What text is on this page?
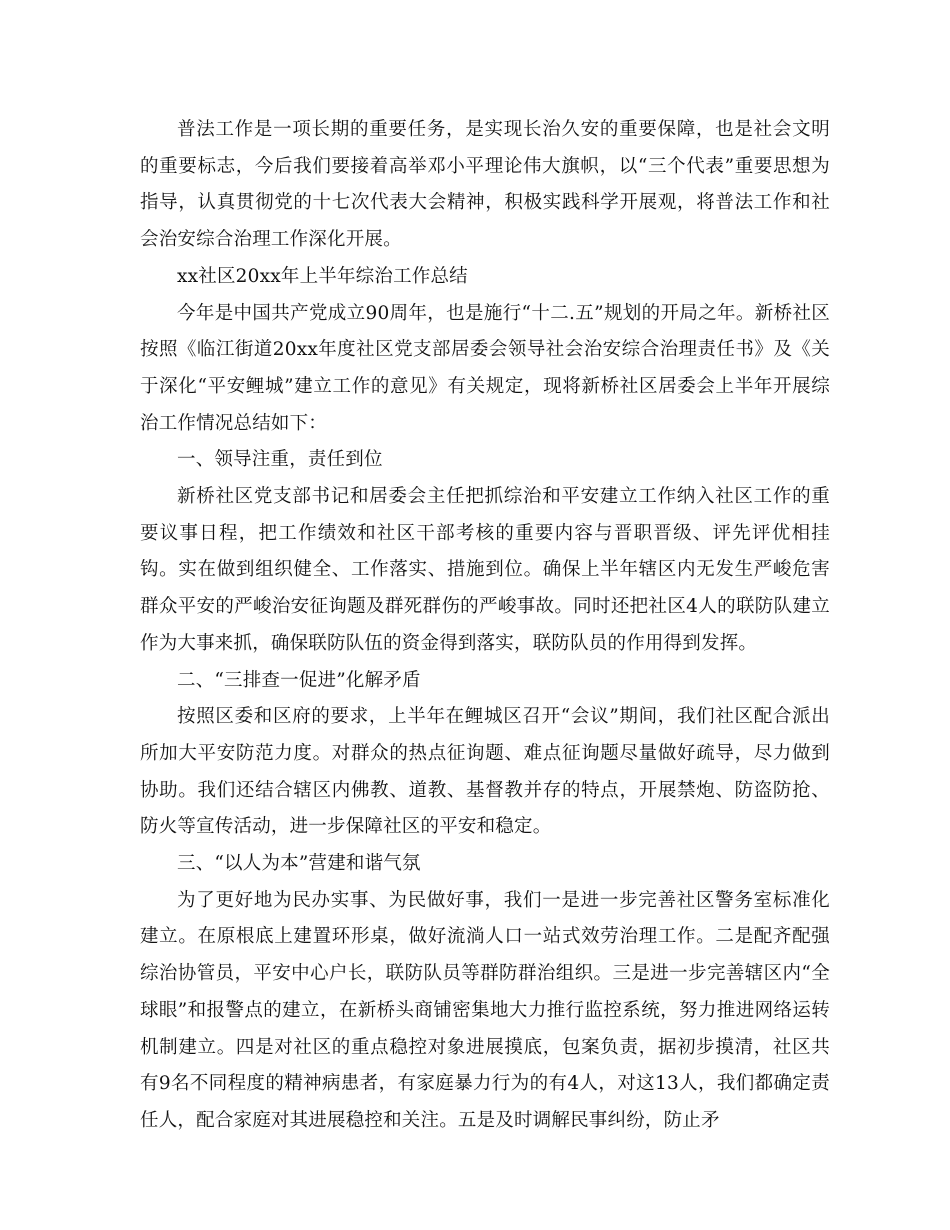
普法工作是一项长期的重要任务，是实现长治久安的重要保障，也是社会文明的重要标志，今后我们要接着高举邓小平理论伟大旗帜，以“三个代表”重要思想为指导，认真贯彻党的十七次代表大会精神，积极实践科学开展观，将普法工作和社会治安综合治理工作深化开展。

xx社区20xx年上半年综治工作总结

今年是中国共产党成立90周年，也是施行“十二.五”规划的开局之年。新桥社区按照《临江街道20xx年度社区党支部居委会领导社会治安综合治理责任书》及《关于深化“平安鲤城”建立工作的意见》有关规定，现将新桥社区居委会上半年开展综治工作情况总结如下：

一、领导注重，责任到位

新桥社区党支部书记和居委会主任把抓综治和平安建立工作纳入社区工作的重要议事日程，把工作绩效和社区干部考核的重要内容与晋职晋级、评先评优相挂钩。实在做到组织健全、工作落实、措施到位。确保上半年辖区内无发生严峻危害群众平安的严峻治安征询题及群死群伤的严峻事故。同时还把社区4人的联防队建立作为大事来抓，确保联防队伍的资金得到落实，联防队员的作用得到发挥。

二、“三排查一促进”化解矛盾

按照区委和区府的要求，上半年在鲤城区召开“会议”期间，我们社区配合派出所加大平安防范力度。对群众的热点征询题、难点征询题尽量做好疏导，尽力做到协助。我们还结合辖区内佛教、道教、基督教并存的特点，开展禁炮、防盗防抢、防火等宣传活动，进一步保障社区的平安和稳定。

三、“以人为本”营建和谐气氛

为了更好地为民办实事、为民做好事，我们一是进一步完善社区警务室标准化建立。在原根底上建置环形桌，做好流淌人口一站式效劳治理工作。二是配齐配强综治协管员，平安中心户长，联防队员等群防群治组织。三是进一步完善辖区内“全球眼”和报警点的建立，在新桥头商铺密集地大力推行监控系统，努力推进网络运转机制建立。四是对社区的重点稳控对象进展摸底，包案负责，据初步摸清，社区共有9名不同程度的精神病患者，有家庭暴力行为的有4人，对这13人，我们都确定责任人，配合家庭对其进展稳控和关注。五是及时调解民事纠纷，防止矛
